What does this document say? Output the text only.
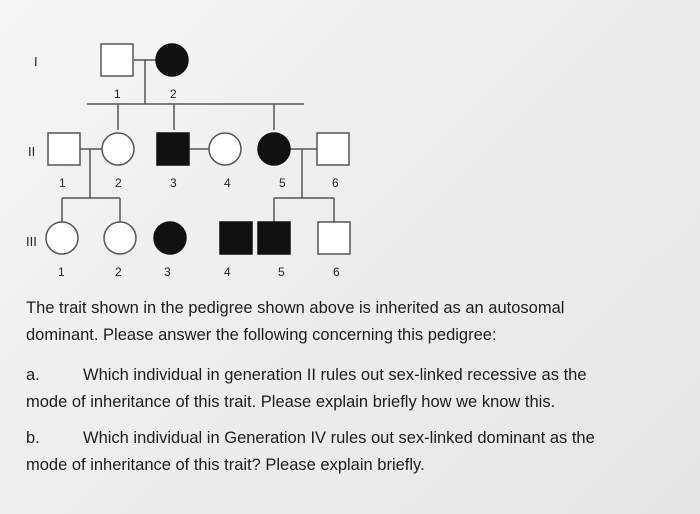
I
II
III
1	2
1	2	3	4	5	6
1	2	3	4	5	6
The trait shown in the pedigree shown above is inherited as an autosomal
dominant. Please answer the following concerning this pedigree:
a.	Which individual in generation II rules out sex-linked recessive as the
mode of inheritance of this trait. Please explain briefly how we know this.
b.	Which individual in Generation IV rules out sex-linked dominant as the
mode of inheritance of this trait? Please explain briefly.
